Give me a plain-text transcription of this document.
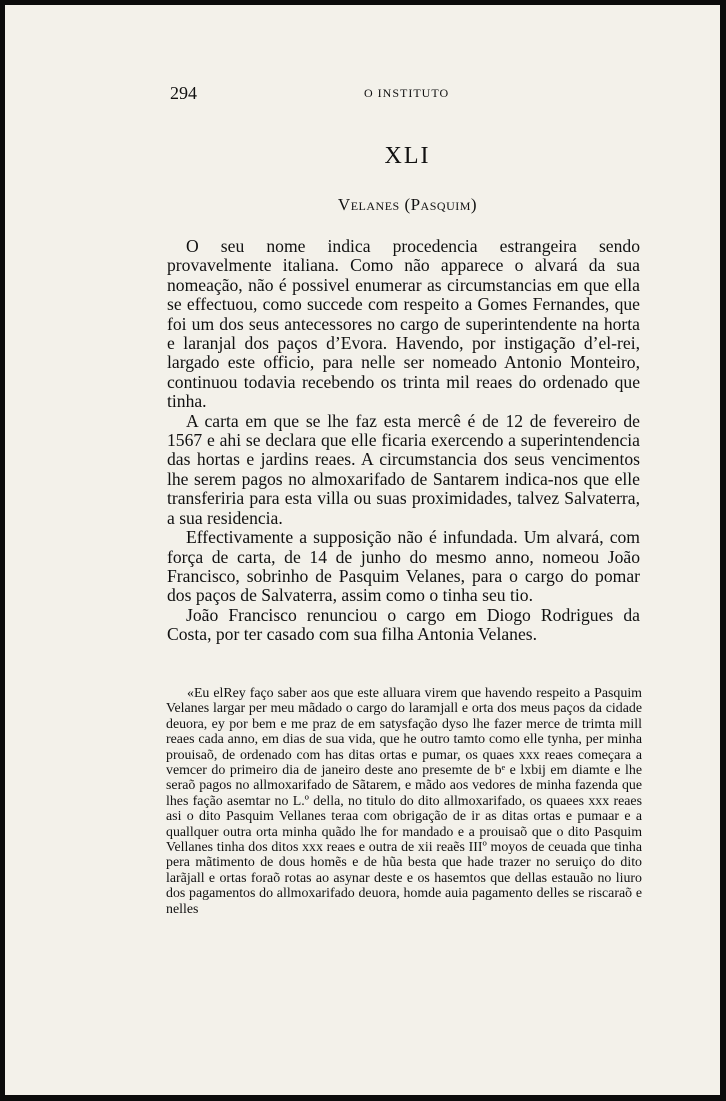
294	O INSTITUTO
XLI
Velanes (Pasquim)

O seu nome indica procedencia estrangeira sendo provavelmente italiana. Como não apparece o alvará da sua nomeação, não é possivel enumerar as circumstancias em que ella se effectuou, como succede com respeito a Gomes Fernandes, que foi um dos seus antecessores no cargo de superintendente na horta e laranjal dos paços d’Evora. Havendo, por instigação d’el-rei, largado este officio, para nelle ser nomeado Antonio Monteiro, continuou todavia recebendo os trinta mil reaes do ordenado que tinha.

A carta em que se lhe faz esta mercê é de 12 de fevereiro de 1567 e ahi se declara que elle ficaria exercendo a superintendencia das hortas e jardins reaes. A circumstancia dos seus vencimentos lhe serem pagos no almoxarifado de Santarem indica-nos que elle transferiria para esta villa ou suas proximidades, talvez Salvaterra, a sua residencia.

Effectivamente a supposição não é infundada. Um alvará, com força de carta, de 14 de junho do mesmo anno, nomeou João Francisco, sobrinho de Pasquim Velanes, para o cargo do pomar dos paços de Salvaterra, assim como o tinha seu tio.

João Francisco renunciou o cargo em Diogo Rodrigues da Costa, por ter casado com sua filha Antonia Velanes.

«Eu elRey faço saber aos que este alluara virem que havendo respeito a Pasquim Velanes largar per meu mãdado o cargo do laramjall e orta dos meus paços da cidade deuora, ey por bem e me praz de em satysfação dyso lhe fazer merce de trimta mill reaes cada anno, em dias de sua vida, que he outro tamto como elle tynha, per minha prouisaõ, de ordenado com has ditas ortas e pumar, os quaes xxx reaes começara a vemcer do primeiro dia de janeiro deste ano presemte de bᵉ e lxbij em diamte e lhe seraõ pagos no allmoxarifado de Sãtarem, e mãdo aos vedores de minha fazenda que lhes fação asemtar no L.º della, no titulo do dito allmoxarifado, os quaees xxx reaes asi o dito Pasquim Vellanes teraa com obrigação de ir as ditas ortas e pumaar e a quallquer outra orta minha quãdo lhe for mandado e a prouisaõ que o dito Pasquim Vellanes tinha dos ditos xxx reaes e outra de xii reaẽs IIIº moyos de ceuada que tinha pera mãtimento de dous homẽs e de hũa besta que hade trazer no seruiço do dito larãjall e ortas foraõ rotas ao asynar deste e os hasemtos que dellas estauão no liuro dos pagamentos do allmoxarifado deuora, homde auia pagamento delles se riscaraõ e nelles
